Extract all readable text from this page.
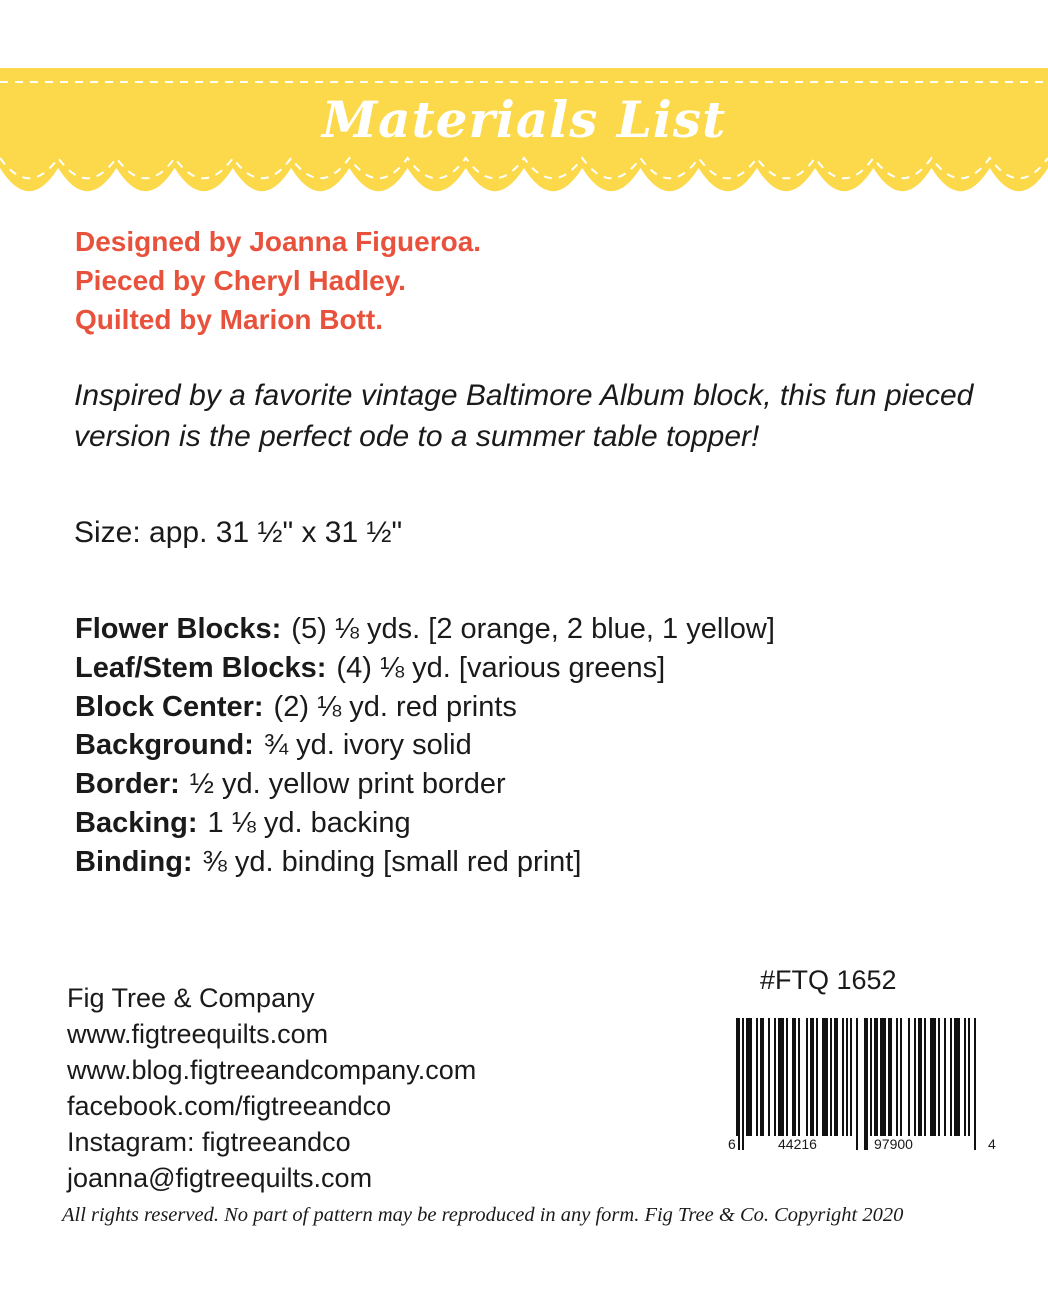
Materials List
Designed by Joanna Figueroa.
Pieced by Cheryl Hadley.
Quilted by Marion Bott.

Inspired by a favorite vintage Baltimore Album block, this fun pieced version is the perfect ode to a summer table topper!

Size: app. 31 ½" x 31 ½"

Flower Blocks: (5) ⅛ yds. [2 orange, 2 blue, 1 yellow]
Leaf/Stem Blocks: (4) ⅛ yd. [various greens]
Block Center: (2) ⅛ yd. red prints
Background: ¾ yd. ivory solid
Border: ½ yd. yellow print border
Backing: 1 ⅛ yd. backing
Binding: ⅜ yd. binding [small red print]
Fig Tree & Company
www.figtreequilts.com
www.blog.figtreeandcompany.com
facebook.com/figtreeandco
Instagram: figtreeandco
joanna@figtreequilts.com
#FTQ 1652
6	44216	97900	4
All rights reserved. No part of pattern may be reproduced in any form. Fig Tree & Co. Copyright 2020
